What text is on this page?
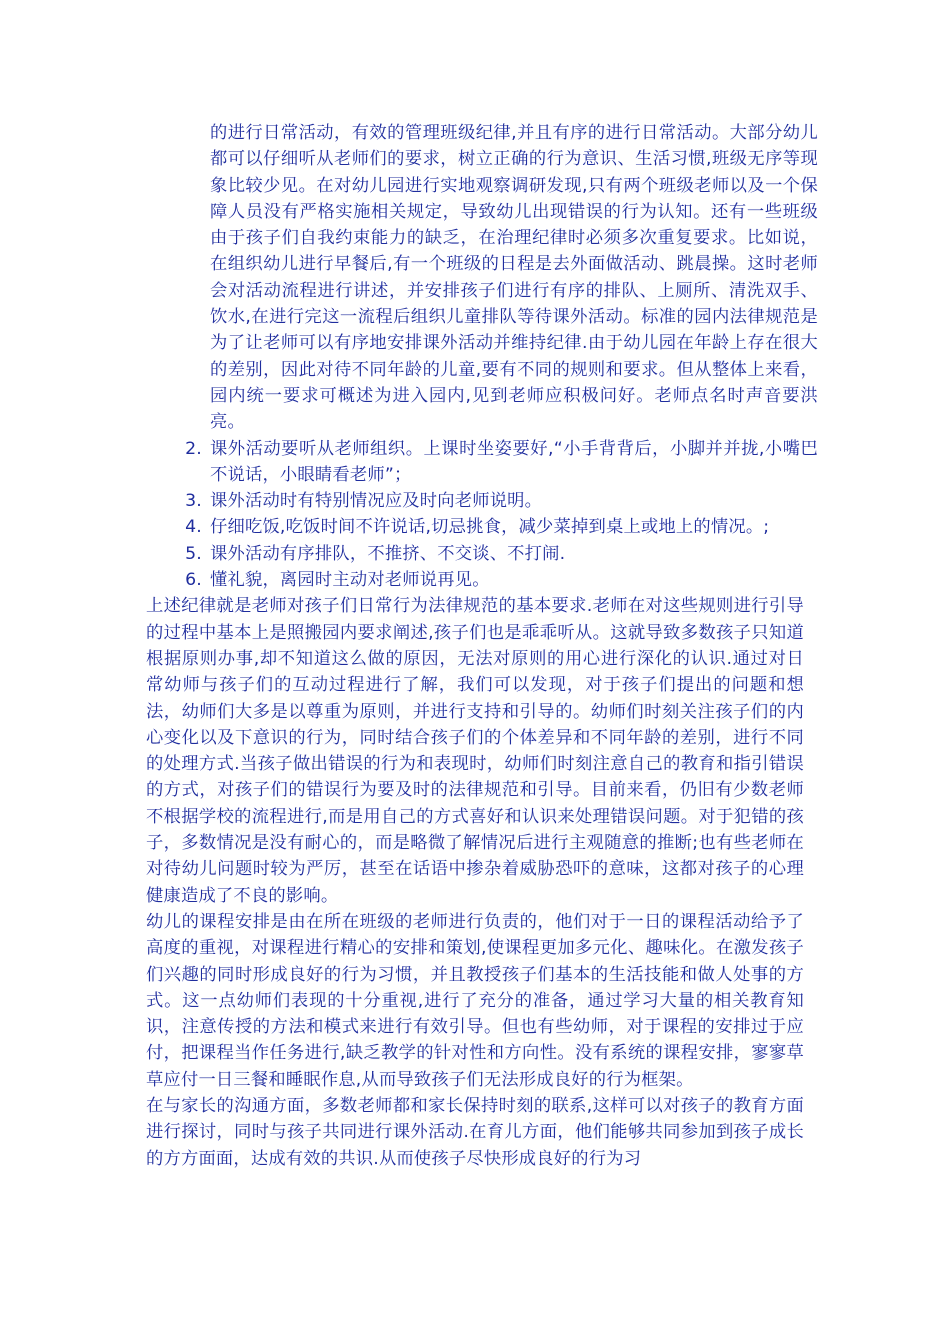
的进行日常活动，有效的管理班级纪律,并且有序的进行日常活动。大部分幼儿都可以仔细听从老师们的要求，树立正确的行为意识、生活习惯,班级无序等现象比较少见。在对幼儿园进行实地观察调研发现,只有两个班级老师以及一个保障人员没有严格实施相关规定，导致幼儿出现错误的行为认知。还有一些班级由于孩子们自我约束能力的缺乏，在治理纪律时必须多次重复要求。比如说，在组织幼儿进行早餐后,有一个班级的日程是去外面做活动、跳晨操。这时老师会对活动流程进行讲述，并安排孩子们进行有序的排队、上厕所、清洗双手、饮水,在进行完这一流程后组织儿童排队等待课外活动。标准的园内法律规范是为了让老师可以有序地安排课外活动并维持纪律.由于幼儿园在年龄上存在很大的差别，因此对待不同年龄的儿童,要有不同的规则和要求。但从整体上来看，园内统一要求可概述为进入园内,见到老师应积极问好。老师点名时声音要洪亮。

2. 课外活动要听从老师组织。上课时坐姿要好,“小手背背后，小脚并并拢,小嘴巴不说话，小眼睛看老师”；
3. 课外活动时有特别情况应及时向老师说明。
4. 仔细吃饭,吃饭时间不许说话,切忌挑食，减少菜掉到桌上或地上的情况。;
5. 课外活动有序排队，不推挤、不交谈、不打闹.
6. 懂礼貌，离园时主动对老师说再见。

上述纪律就是老师对孩子们日常行为法律规范的基本要求.老师在对这些规则进行引导的过程中基本上是照搬园内要求阐述,孩子们也是乖乖听从。这就导致多数孩子只知道根据原则办事,却不知道这么做的原因，无法对原则的用心进行深化的认识.通过对日常幼师与孩子们的互动过程进行了解，我们可以发现，对于孩子们提出的问题和想法，幼师们大多是以尊重为原则，并进行支持和引导的。幼师们时刻关注孩子们的内心变化以及下意识的行为，同时结合孩子们的个体差异和不同年龄的差别，进行不同的处理方式.当孩子做出错误的行为和表现时，幼师们时刻注意自己的教育和指引错误的方式，对孩子们的错误行为要及时的法律规范和引导。目前来看，仍旧有少数老师不根据学校的流程进行,而是用自己的方式喜好和认识来处理错误问题。对于犯错的孩子，多数情况是没有耐心的，而是略微了解情况后进行主观随意的推断;也有些老师在对待幼儿问题时较为严厉，甚至在话语中掺杂着威胁恐吓的意味，这都对孩子的心理健康造成了不良的影响。

幼儿的课程安排是由在所在班级的老师进行负责的，他们对于一日的课程活动给予了高度的重视，对课程进行精心的安排和策划,使课程更加多元化、趣味化。在激发孩子们兴趣的同时形成良好的行为习惯，并且教授孩子们基本的生活技能和做人处事的方式。这一点幼师们表现的十分重视,进行了充分的准备，通过学习大量的相关教育知识，注意传授的方法和模式来进行有效引导。但也有些幼师，对于课程的安排过于应付，把课程当作任务进行,缺乏教学的针对性和方向性。没有系统的课程安排，寥寥草草应付一日三餐和睡眠作息,从而导致孩子们无法形成良好的行为框架。

在与家长的沟通方面，多数老师都和家长保持时刻的联系,这样可以对孩子的教育方面进行探讨，同时与孩子共同进行课外活动.在育儿方面，他们能够共同参加到孩子成长的方方面面，达成有效的共识.从而使孩子尽快形成良好的行为习
